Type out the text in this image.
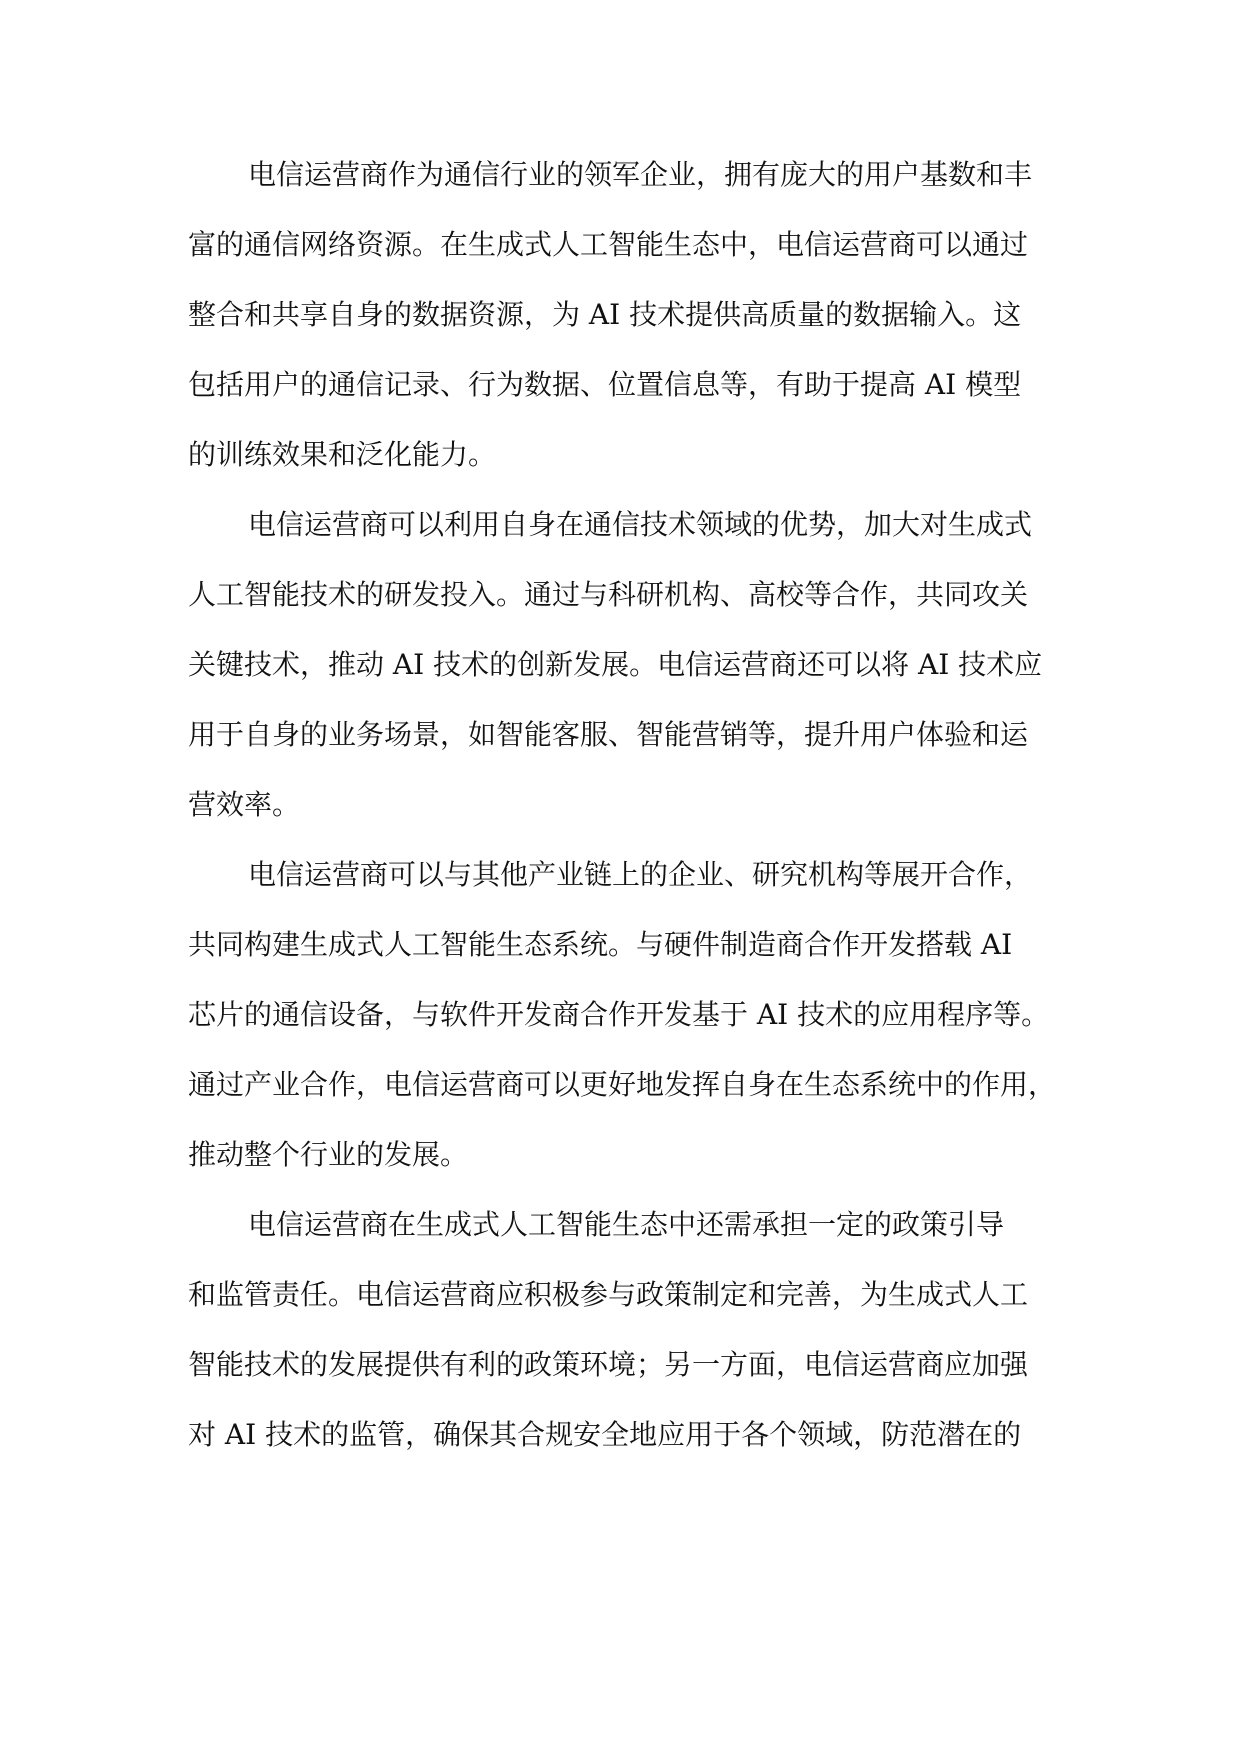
电信运营商作为通信行业的领军企业，拥有庞大的用户基数和丰
富的通信网络资源。在生成式人工智能生态中，电信运营商可以通过
整合和共享自身的数据资源，为 AI 技术提供高质量的数据输入。这
包括用户的通信记录、行为数据、位置信息等，有助于提高 AI 模型
的训练效果和泛化能力。
电信运营商可以利用自身在通信技术领域的优势，加大对生成式
人工智能技术的研发投入。通过与科研机构、高校等合作，共同攻关
关键技术，推动 AI 技术的创新发展。电信运营商还可以将 AI 技术应
用于自身的业务场景，如智能客服、智能营销等，提升用户体验和运
营效率。
电信运营商可以与其他产业链上的企业、研究机构等展开合作，
共同构建生成式人工智能生态系统。与硬件制造商合作开发搭载 AI
芯片的通信设备，与软件开发商合作开发基于 AI 技术的应用程序等。
通过产业合作，电信运营商可以更好地发挥自身在生态系统中的作用，
推动整个行业的发展。
电信运营商在生成式人工智能生态中还需承担一定的政策引导
和监管责任。电信运营商应积极参与政策制定和完善，为生成式人工
智能技术的发展提供有利的政策环境；另一方面，电信运营商应加强
对 AI 技术的监管，确保其合规安全地应用于各个领域，防范潜在的
